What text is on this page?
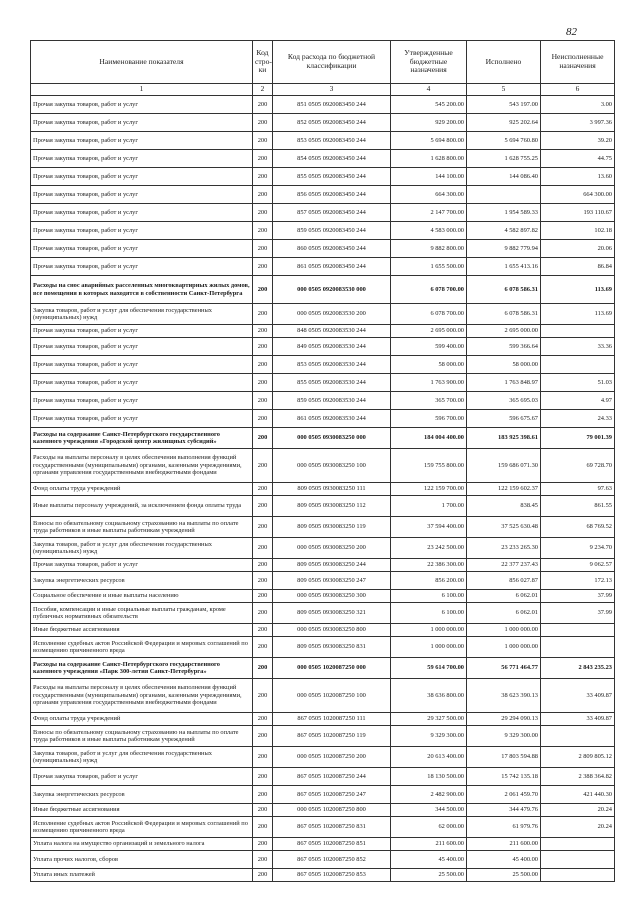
82
Наименование показателя	Код стро-ки	Код расхода по бюджетной классификации	Утвержденные бюджетные назначения	Исполнено	Неисполненные назначения
1	2	3	4	5	6
Прочая закупка товаров, работ и услуг	200	851 0505 0920083450 244	545 200.00	543 197.00	3.00
Прочая закупка товаров, работ и услуг	200	852 0505 0920083450 244	929 200.00	925 202.64	3 997.36
Прочая закупка товаров, работ и услуг	200	853 0505 0920083450 244	5 694 800.00	5 694 760.80	39.20
Прочая закупка товаров, работ и услуг	200	854 0505 0920083450 244	1 628 800.00	1 628 755.25	44.75
Прочая закупка товаров, работ и услуг	200	855 0505 0920083450 244	144 100.00	144 086.40	13.60
Прочая закупка товаров, работ и услуг	200	856 0505 0920083450 244	664 300.00		664 300.00
Прочая закупка товаров, работ и услуг	200	857 0505 0920083450 244	2 147 700.00	1 954 589.33	193 110.67
Прочая закупка товаров, работ и услуг	200	859 0505 0920083450 244	4 583 000.00	4 582 897.82	102.18
Прочая закупка товаров, работ и услуг	200	860 0505 0920083450 244	9 882 800.00	9 882 779.94	20.06
Прочая закупка товаров, работ и услуг	200	861 0505 0920083450 244	1 655 500.00	1 655 413.16	86.84
Расходы на снос аварийных расселенных многоквартирных жилых домов, все помещения в которых находятся в собственности Санкт-Петербурга	200	000 0505 0920083530 000	6 078 700.00	6 078 586.31	113.69
Закупка товаров, работ и услуг для обеспечения государственных (муниципальных) нужд	200	000 0505 0920083530 200	6 078 700.00	6 078 586.31	113.69
Прочая закупка товаров, работ и услуг	200	848 0505 0920083530 244	2 695 000.00	2 695 000.00	
Прочая закупка товаров, работ и услуг	200	849 0505 0920083530 244	599 400.00	599 366.64	33.36
Прочая закупка товаров, работ и услуг	200	853 0505 0920083530 244	58 000.00	58 000.00	
Прочая закупка товаров, работ и услуг	200	855 0505 0920083530 244	1 763 900.00	1 763 848.97	51.03
Прочая закупка товаров, работ и услуг	200	859 0505 0920083530 244	365 700.00	365 695.03	4.97
Прочая закупка товаров, работ и услуг	200	861 0505 0920083530 244	596 700.00	596 675.67	24.33
Расходы на содержание Санкт-Петербургского государственного казенного учреждения «Городской центр жилищных субсидий»	200	000 0505 0930083250 000	184 004 400.00	183 925 398.61	79 001.39
Расходы на выплаты персоналу в целях обеспечения выполнения функций государственными (муниципальными) органами, казенными учреждениями, органами управления государственными внебюджетными фондами	200	000 0505 0930083250 100	159 755 800.00	159 686 071.30	69 728.70
Фонд оплаты труда учреждений	200	809 0505 0930083250 111	122 159 700.00	122 159 602.37	97.63
Иные выплаты персоналу учреждений, за исключением фонда оплаты труда	200	809 0505 0930083250 112	1 700.00	838.45	861.55
Взносы по обязательному социальному страхованию на выплаты по оплате труда работников и иные выплаты работникам учреждений	200	809 0505 0930083250 119	37 594 400.00	37 525 630.48	68 769.52
Закупка товаров, работ и услуг для обеспечения государственных (муниципальных) нужд	200	000 0505 0930083250 200	23 242 500.00	23 233 265.30	9 234.70
Прочая закупка товаров, работ и услуг	200	809 0505 0930083250 244	22 386 300.00	22 377 237.43	9 062.57
Закупка энергетических ресурсов	200	809 0505 0930083250 247	856 200.00	856 027.87	172.13
Социальное обеспечение и иные выплаты населению	200	000 0505 0930083250 300	6 100.00	6 062.01	37.99
Пособия, компенсации и иные социальные выплаты гражданам, кроме публичных нормативных обязательств	200	809 0505 0930083250 321	6 100.00	6 062.01	37.99
Иные бюджетные ассигнования	200	000 0505 0930083250 800	1 000 000.00	1 000 000.00	
Исполнение судебных актов Российской Федерации и мировых соглашений по возмещению причиненного вреда	200	809 0505 0930083250 831	1 000 000.00	1 000 000.00	
Расходы на содержание Санкт-Петербургского государственного казенного учреждения «Парк 300-летия Санкт-Петербурга»	200	000 0505 1020087250 000	59 614 700.00	56 771 464.77	2 843 235.23
Расходы на выплаты персоналу в целях обеспечения выполнения функций государственными (муниципальными) органами, казенными учреждениями, органами управления государственными внебюджетными фондами	200	000 0505 1020087250 100	38 636 800.00	38 623 390.13	33 409.87
Фонд оплаты труда учреждений	200	867 0505 1020087250 111	29 327 500.00	29 294 090.13	33 409.87
Взносы по обязательному социальному страхованию на выплаты по оплате труда работников и иные выплаты работникам учреждений	200	867 0505 1020087250 119	9 329 300.00	9 329 300.00	
Закупка товаров, работ и услуг для обеспечения государственных (муниципальных) нужд	200	000 0505 1020087250 200	20 613 400.00	17 803 594.88	2 809 805.12
Прочая закупка товаров, работ и услуг	200	867 0505 1020087250 244	18 130 500.00	15 742 135.18	2 388 364.82
Закупка энергетических ресурсов	200	867 0505 1020087250 247	2 482 900.00	2 061 459.70	421 440.30
Иные бюджетные ассигнования	200	000 0505 1020087250 800	344 500.00	344 479.76	20.24
Исполнение судебных актов Российской Федерации и мировых соглашений по возмещению причиненного вреда	200	867 0505 1020087250 831	62 000.00	61 979.76	20.24
Уплата налога на имущество организаций и земельного налога	200	867 0505 1020087250 851	211 600.00	211 600.00	
Уплата прочих налогов, сборов	200	867 0505 1020087250 852	45 400.00	45 400.00	
Уплата иных платежей	200	867 0505 1020087250 853	25 500.00	25 500.00	
